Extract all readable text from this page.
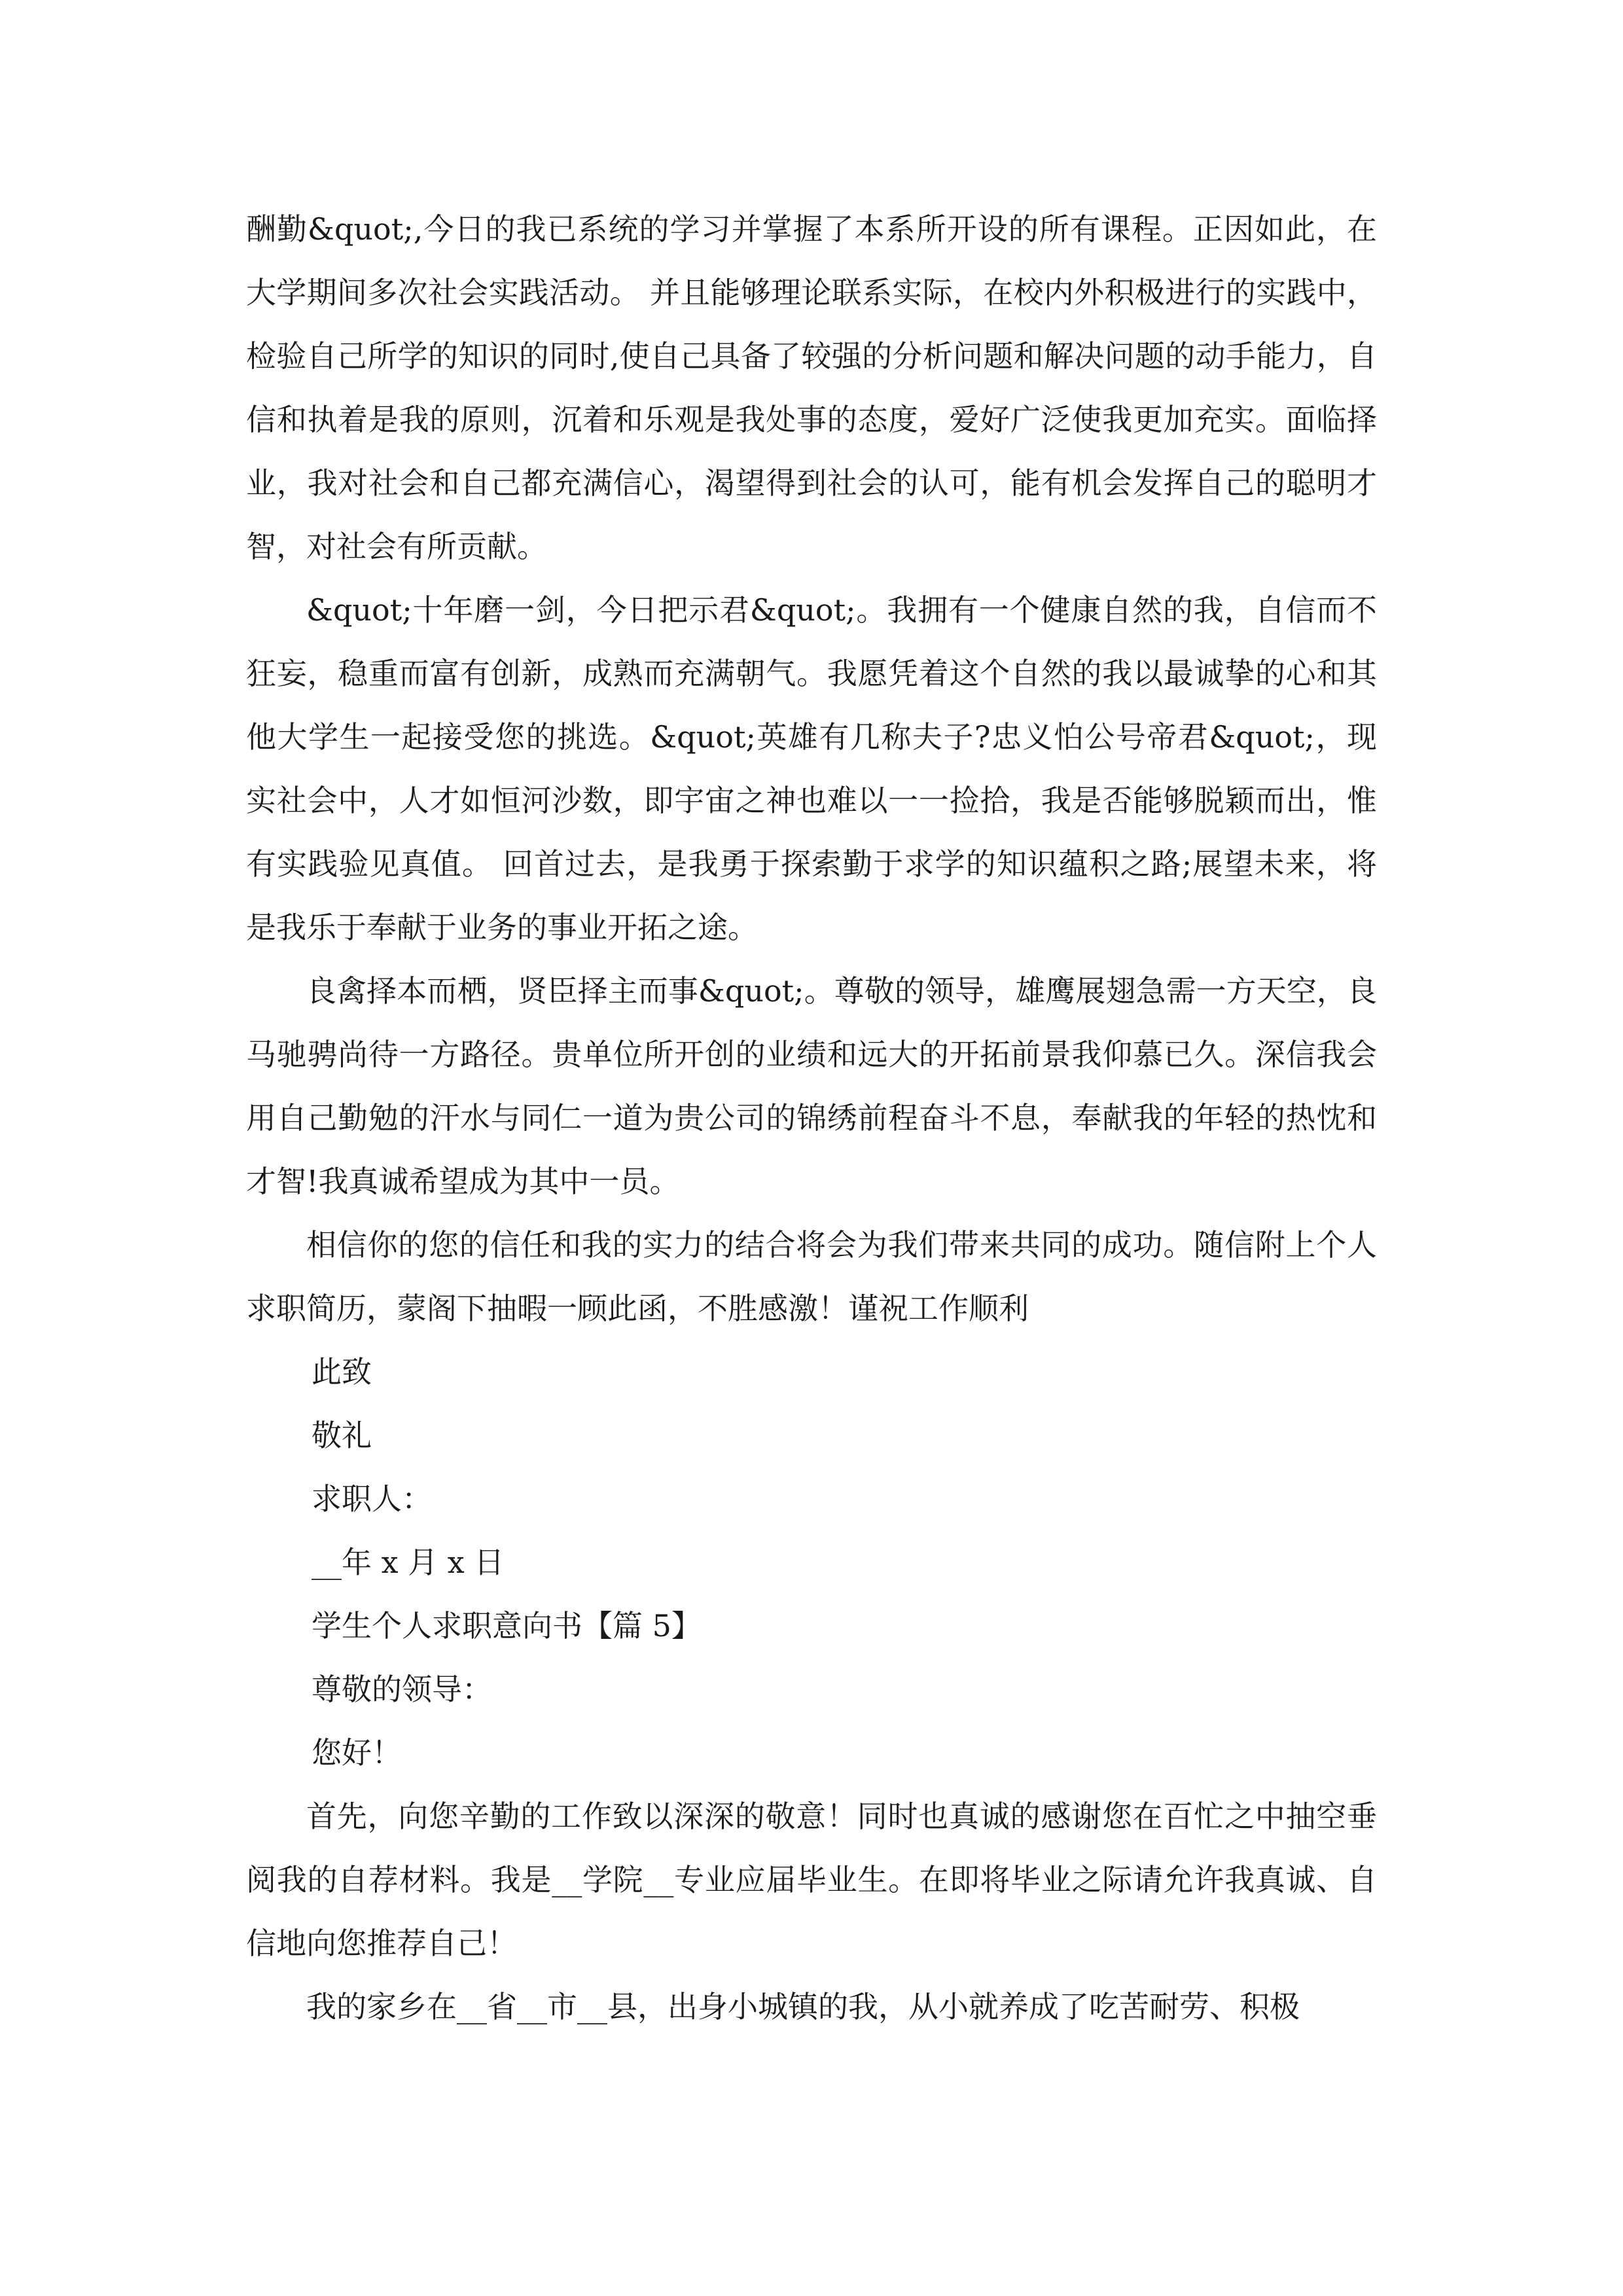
酬勤&quot;,今日的我已系统的学习并掌握了本系所开设的所有课程。正因如此，在大学期间多次社会实践活动。 并且能够理论联系实际，在校内外积极进行的实践中，检验自己所学的知识的同时,使自己具备了较强的分析问题和解决问题的动手能力，自信和执着是我的原则，沉着和乐观是我处事的态度，爱好广泛使我更加充实。面临择业，我对社会和自己都充满信心，渴望得到社会的认可，能有机会发挥自己的聪明才智，对社会有所贡献。

&quot;十年磨一剑，今日把示君&quot;。我拥有一个健康自然的我，自信而不狂妄，稳重而富有创新，成熟而充满朝气。我愿凭着这个自然的我以最诚挚的心和其他大学生一起接受您的挑选。&quot;英雄有几称夫子?忠义怕公号帝君&quot;，现实社会中，人才如恒河沙数，即宇宙之神也难以一一捡拾，我是否能够脱颖而出，惟有实践验见真值。 回首过去，是我勇于探索勤于求学的知识蕴积之路;展望未来，将是我乐于奉献于业务的事业开拓之途。

良禽择本而栖，贤臣择主而事&quot;。尊敬的领导，雄鹰展翅急需一方天空，良马驰骋尚待一方路径。贵单位所开创的业绩和远大的开拓前景我仰慕已久。深信我会用自己勤勉的汗水与同仁一道为贵公司的锦绣前程奋斗不息，奉献我的年轻的热忱和才智!我真诚希望成为其中一员。

相信你的您的信任和我的实力的结合将会为我们带来共同的成功。随信附上个人求职简历，蒙阁下抽暇一顾此函，不胜感激！谨祝工作顺利

此致

敬礼

求职人：

__年 x 月 x 日

学生个人求职意向书【篇 5】

尊敬的领导：

您好！

首先，向您辛勤的工作致以深深的敬意！同时也真诚的感谢您在百忙之中抽空垂阅我的自荐材料。我是__学院__专业应届毕业生。在即将毕业之际请允许我真诚、自信地向您推荐自己！

我的家乡在__省__市__县，出身小城镇的我，从小就养成了吃苦耐劳、积极
